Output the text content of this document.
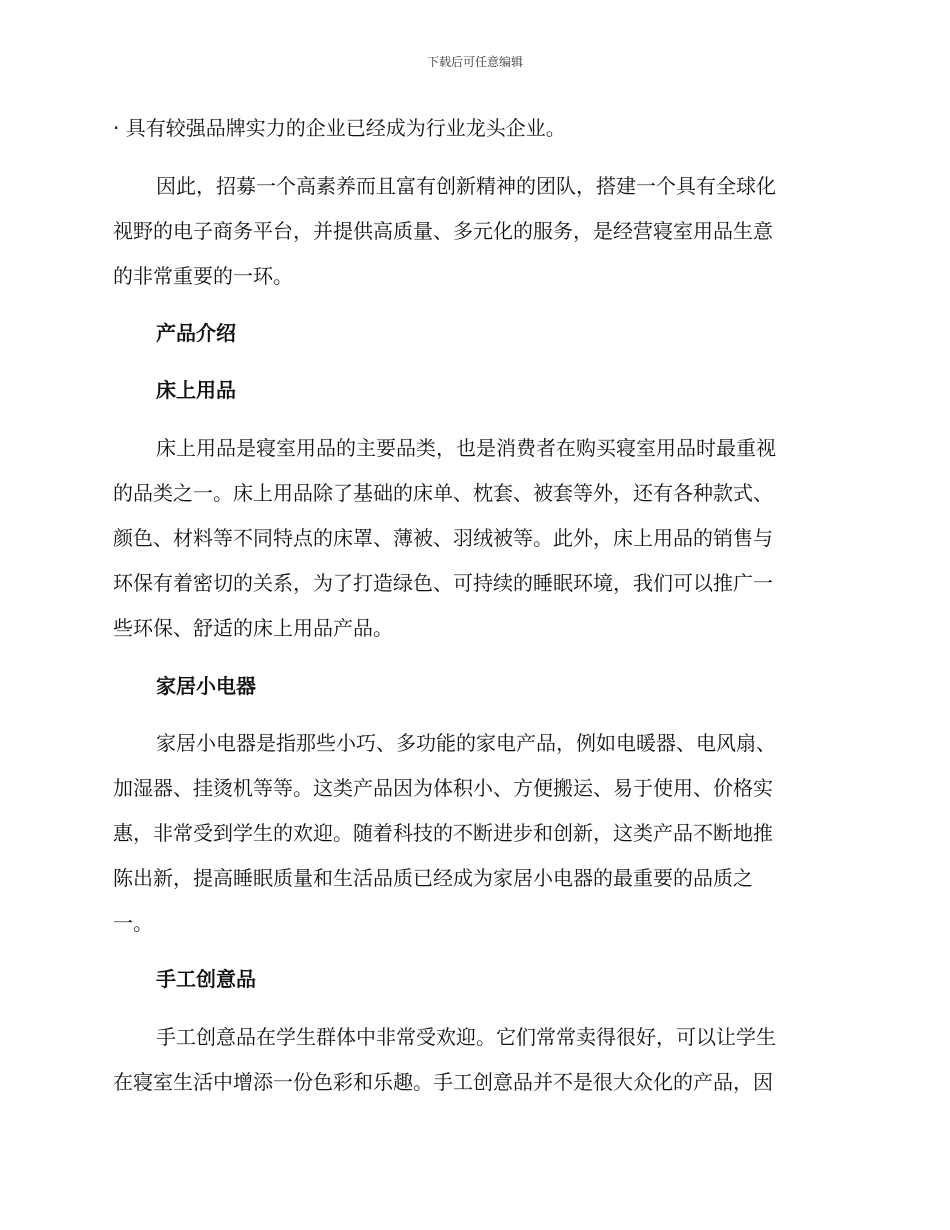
下载后可任意编辑

· 具有较强品牌实力的企业已经成为行业龙头企业。

因此，招募一个高素养而且富有创新精神的团队，搭建一个具有全球化
视野的电子商务平台，并提供高质量、多元化的服务，是经营寝室用品生意
的非常重要的一环。
产品介绍
床上用品
床上用品是寝室用品的主要品类，也是消费者在购买寝室用品时最重视
的品类之一。床上用品除了基础的床单、枕套、被套等外，还有各种款式、
颜色、材料等不同特点的床罩、薄被、羽绒被等。此外，床上用品的销售与
环保有着密切的关系，为了打造绿色、可持续的睡眠环境，我们可以推广一
些环保、舒适的床上用品产品。
家居小电器
家居小电器是指那些小巧、多功能的家电产品，例如电暖器、电风扇、
加湿器、挂烫机等等。这类产品因为体积小、方便搬运、易于使用、价格实
惠，非常受到学生的欢迎。随着科技的不断进步和创新，这类产品不断地推
陈出新，提高睡眠质量和生活品质已经成为家居小电器的最重要的品质之
一。
手工创意品
手工创意品在学生群体中非常受欢迎。它们常常卖得很好，可以让学生
在寝室生活中增添一份色彩和乐趣。手工创意品并不是很大众化的产品，因
